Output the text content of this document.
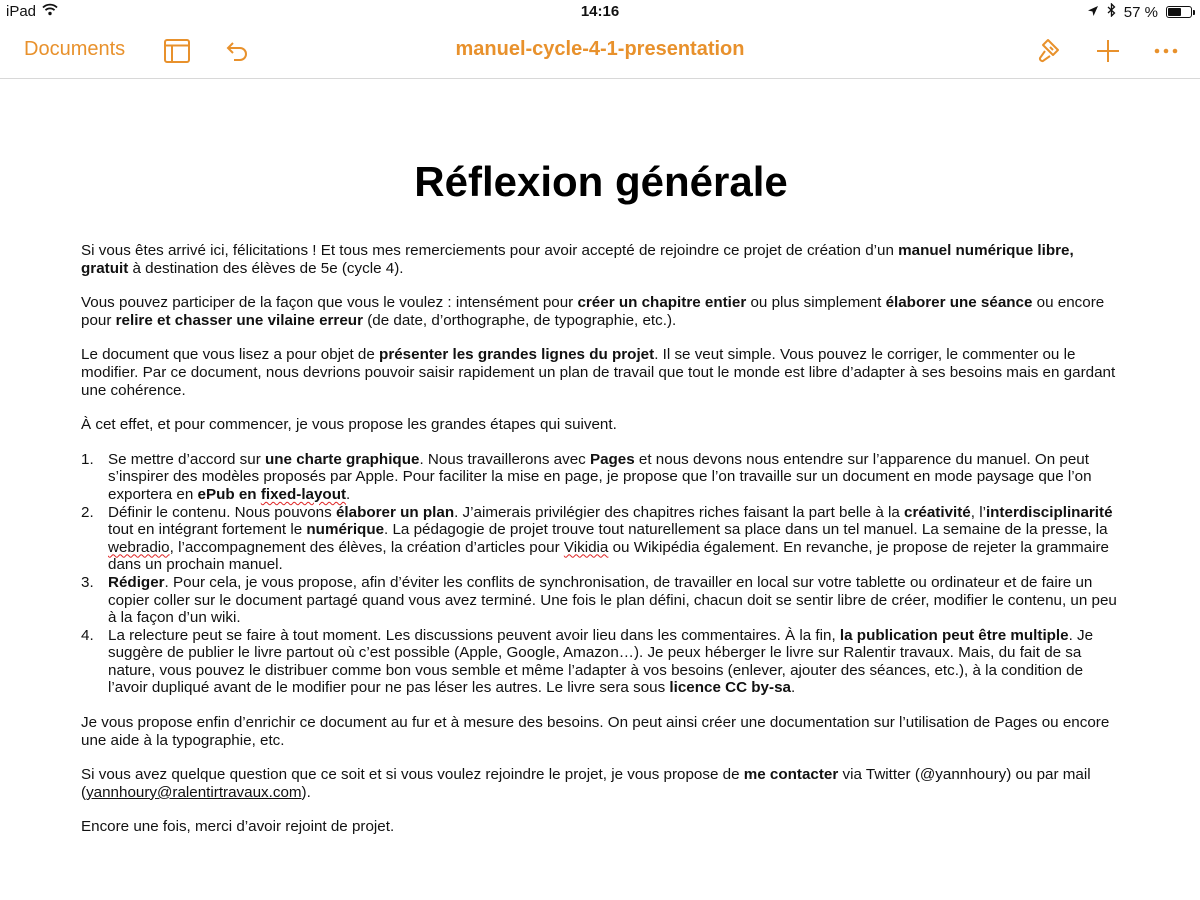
iPad	14:16	57 %
Documents	manuel-cycle-4-1-presentation
Réflexion générale

Si vous êtes arrivé ici, félicitations ! Et tous mes remerciements pour avoir accepté de rejoindre ce projet de création d’un manuel numérique libre, gratuit à destination des élèves de 5e (cycle 4).

Vous pouvez participer de la façon que vous le voulez : intensément pour créer un chapitre entier ou plus simplement élaborer une séance ou encore pour relire et chasser une vilaine erreur (de date, d’orthographe, de typographie, etc.).

Le document que vous lisez a pour objet de présenter les grandes lignes du projet. Il se veut simple. Vous pouvez le corriger, le commenter ou le modifier. Par ce document, nous devrions pouvoir saisir rapidement un plan de travail que tout le monde est libre d’adapter à ses besoins mais en gardant une cohérence.

À cet effet, et pour commencer, je vous propose les grandes étapes qui suivent.

1. Se mettre d’accord sur une charte graphique. Nous travaillerons avec Pages et nous devons nous entendre sur l’apparence du manuel. On peut s’inspirer des modèles proposés par Apple. Pour faciliter la mise en page, je propose que l’on travaille sur un document en mode paysage que l’on exportera en ePub en fixed-layout.
2. Définir le contenu. Nous pouvons élaborer un plan. J’aimerais privilégier des chapitres riches faisant la part belle à la créativité, l’interdisciplinarité tout en intégrant fortement le numérique. La pédagogie de projet trouve tout naturellement sa place dans un tel manuel. La semaine de la presse, la webradio, l’accompagnement des élèves, la création d’articles pour Vikidia ou Wikipédia également. En revanche, je propose de rejeter la grammaire dans un prochain manuel.
3. Rédiger. Pour cela, je vous propose, afin d’éviter les conflits de synchronisation, de travailler en local sur votre tablette ou ordinateur et de faire un copier coller sur le document partagé quand vous avez terminé. Une fois le plan défini, chacun doit se sentir libre de créer, modifier le contenu, un peu à la façon d’un wiki.
4. La relecture peut se faire à tout moment. Les discussions peuvent avoir lieu dans les commentaires. À la fin, la publication peut être multiple. Je suggère de publier le livre partout où c’est possible (Apple, Google, Amazon…). Je peux héberger le livre sur Ralentir travaux. Mais, du fait de sa nature, vous pouvez le distribuer comme bon vous semble et même l’adapter à vos besoins (enlever, ajouter des séances, etc.), à la condition de l’avoir dupliqué avant de le modifier pour ne pas léser les autres. Le livre sera sous licence CC by-sa.

Je vous propose enfin d’enrichir ce document au fur et à mesure des besoins. On peut ainsi créer une documentation sur l’utilisation de Pages ou encore une aide à la typographie, etc.

Si vous avez quelque question que ce soit et si vous voulez rejoindre le projet, je vous propose de me contacter via Twitter (@yannhoury) ou par mail (yannhoury@ralentirtravaux.com).

Encore une fois, merci d’avoir rejoint de projet.
